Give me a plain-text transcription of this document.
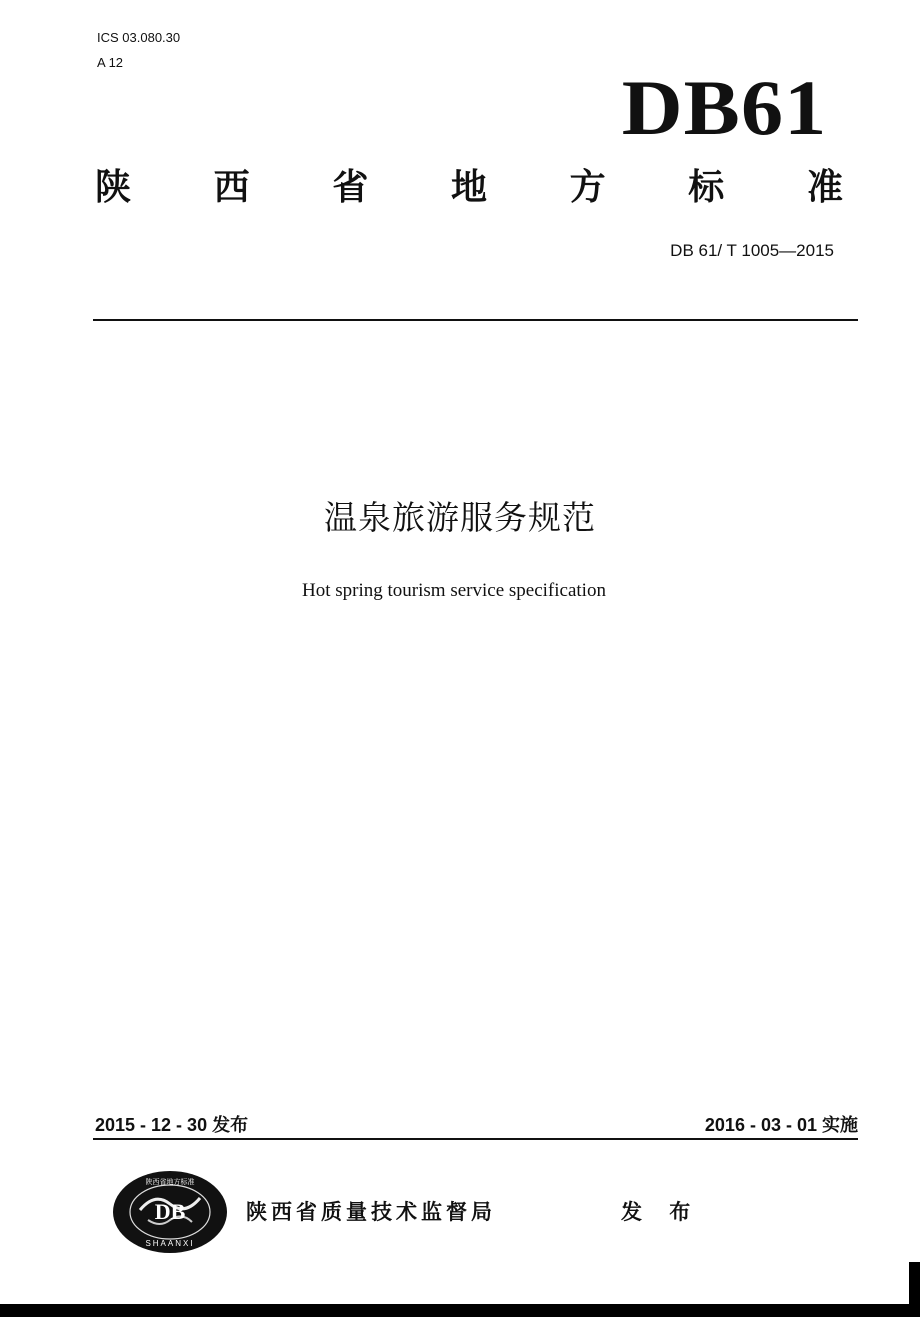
ICS 03.080.30
A 12
DB61
陕 西 省 地 方 标 准
DB 61/ T 1005—2015
温泉旅游服务规范
Hot spring tourism service specification
2015 - 12 - 30 发布	2016 - 03 - 01 实施
DB
SHAANXI
陕西省地方标准
陕西省质量技术监督局	发 布
